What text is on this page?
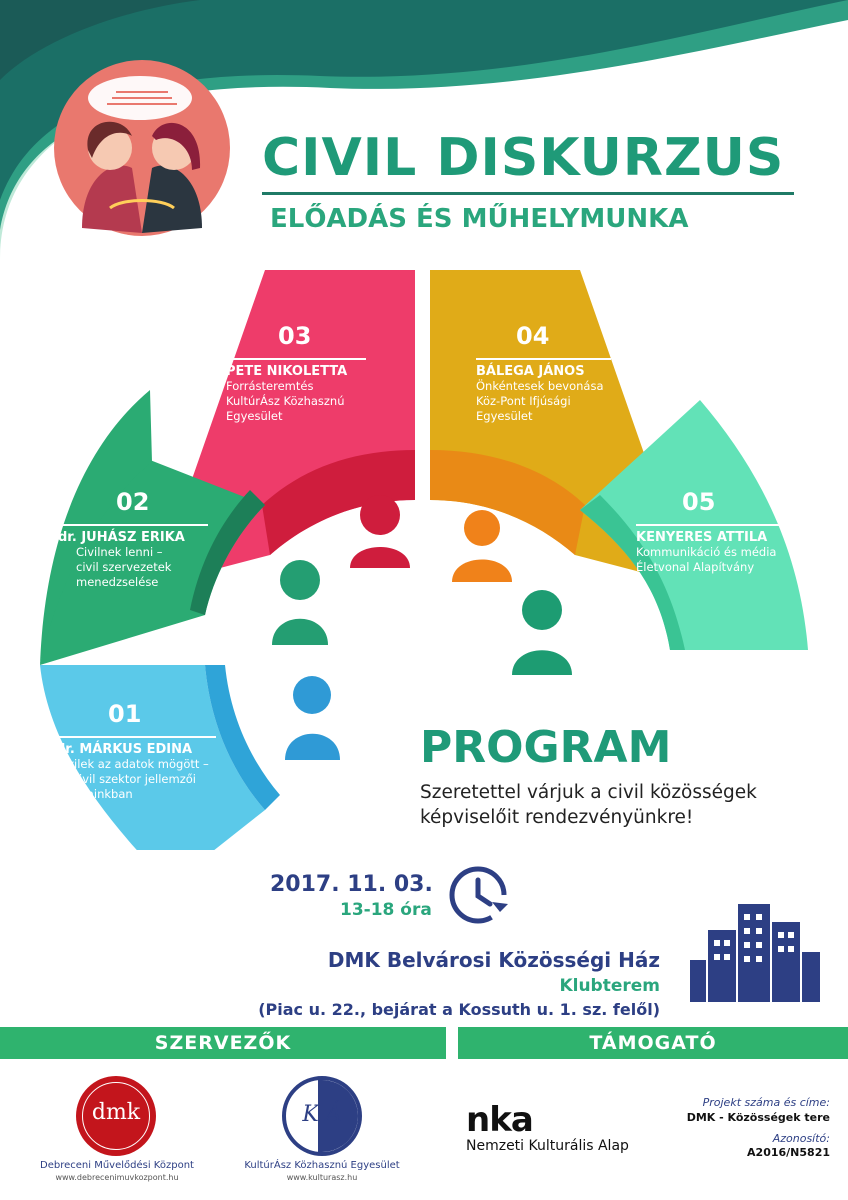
CIVIL DISKURZUS
ELŐADÁS ÉS MŰHELYMUNKA
03
PETE NIKOLETTA
Forrásteremtés
KultúrÁsz Közhasznú
Egyesület
04
BÁLEGA JÁNOS
Önkéntesek bevonása
Köz-Pont Ifjúsági
Egyesület
02
dr. JUHÁSZ ERIKA
Civilnek lenni –
civil szervezetek
menedzselése
05
KENYERES ATTILA
Kommunikáció és média
Életvonal Alapítvány
01
dr. MÁRKUS EDINA
Civilek az adatok mögött –
a civil szektor jellemzői
napjainkban
PROGRAM
Szeretettel várjuk a civil közösségek
képviselőit rendezvényünkre!
2017. 11. 03.
13-18 óra
DMK Belvárosi Közösségi Ház
Klubterem
(Piac u. 22., bejárat a Kossuth u. 1. sz. felől)
SZERVEZŐK	TÁMOGATÓ
dmk
Debreceni Művelődési Központ
www.debrecenimuvkozpont.hu
K Á
KultúrÁsz Közhasznú Egyesület
www.kulturasz.hu
nka
Nemzeti Kulturális Alap
Projekt száma és címe:
DMK - Közösségek tere
Azonosító:
A2016/N5821
